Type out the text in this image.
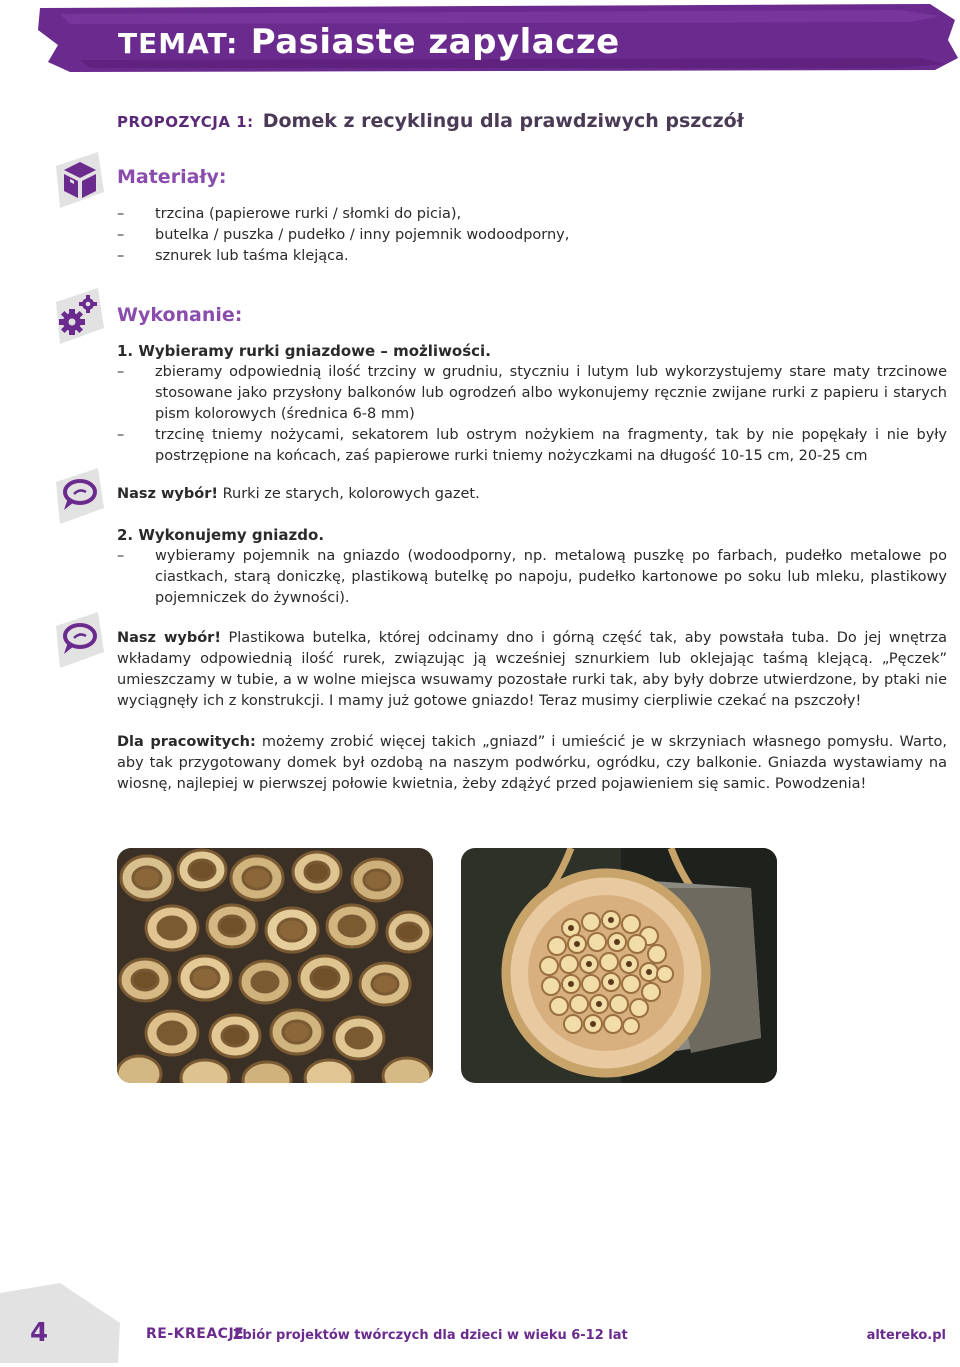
TEMAT: Pasiaste zapylacze
PROPOZYCJA 1: Domek z recyklingu dla prawdziwych pszczół
Materiały:
– trzcina (papierowe rurki / słomki do picia),
– butelka / puszka / pudełko / inny pojemnik wodoodporny,
– sznurek lub taśma klejąca.
Wykonanie:

1. Wybieramy rurki gniazdowe – możliwości.

– zbieramy odpowiednią ilość trzciny w grudniu, styczniu i lutym lub wykorzystujemy stare maty trzcinowe stosowane jako przysłony balkonów lub ogrodzeń albo wykonujemy ręcznie zwijane rurki z papieru i starych pism kolorowych (średnica 6-8 mm)
– trzcinę tniemy nożycami, sekatorem lub ostrym nożykiem na fragmenty, tak by nie popękały i nie były postrzępione na końcach, zaś papierowe rurki tniemy nożyczkami na długość 10-15 cm, 20-25 cm

Nasz wybór! Rurki ze starych, kolorowych gazet.

2. Wykonujemy gniazdo.

– wybieramy pojemnik na gniazdo (wodoodporny, np. metalową puszkę po farbach, pudełko metalowe po ciastkach, starą doniczkę, plastikową butelkę po napoju, pudełko kartonowe po soku lub mleku, plastikowy pojemniczek do żywności).

Nasz wybór! Plastikowa butelka, której odcinamy dno i górną część tak, aby powstała tuba. Do jej wnętrza wkładamy odpowiednią ilość rurek, związując ją wcześniej sznurkiem lub oklejając taśmą klejącą. „Pęczek” umieszczamy w tubie, a w wolne miejsca wsuwamy pozostałe rurki tak, aby były dobrze utwierdzone, by ptaki nie wyciągnęły ich z konstrukcji. I mamy już gotowe gniazdo! Teraz musimy cierpliwie czekać na pszczoły!

Dla pracowitych: możemy zrobić więcej takich „gniazd” i umieścić je w skrzyniach własnego pomysłu. Warto, aby tak przygotowany domek był ozdobą na naszym podwórku, ogródku, czy balkonie. Gniazda wystawiamy na wiosnę, najlepiej w pierwszej połowie kwietnia, żeby zdążyć przed pojawieniem się samic. Powodzenia!

4	RE-KREACJE
Zbiór projektów twórczych dla dzieci w wieku 6-12 lat	altereko.pl
